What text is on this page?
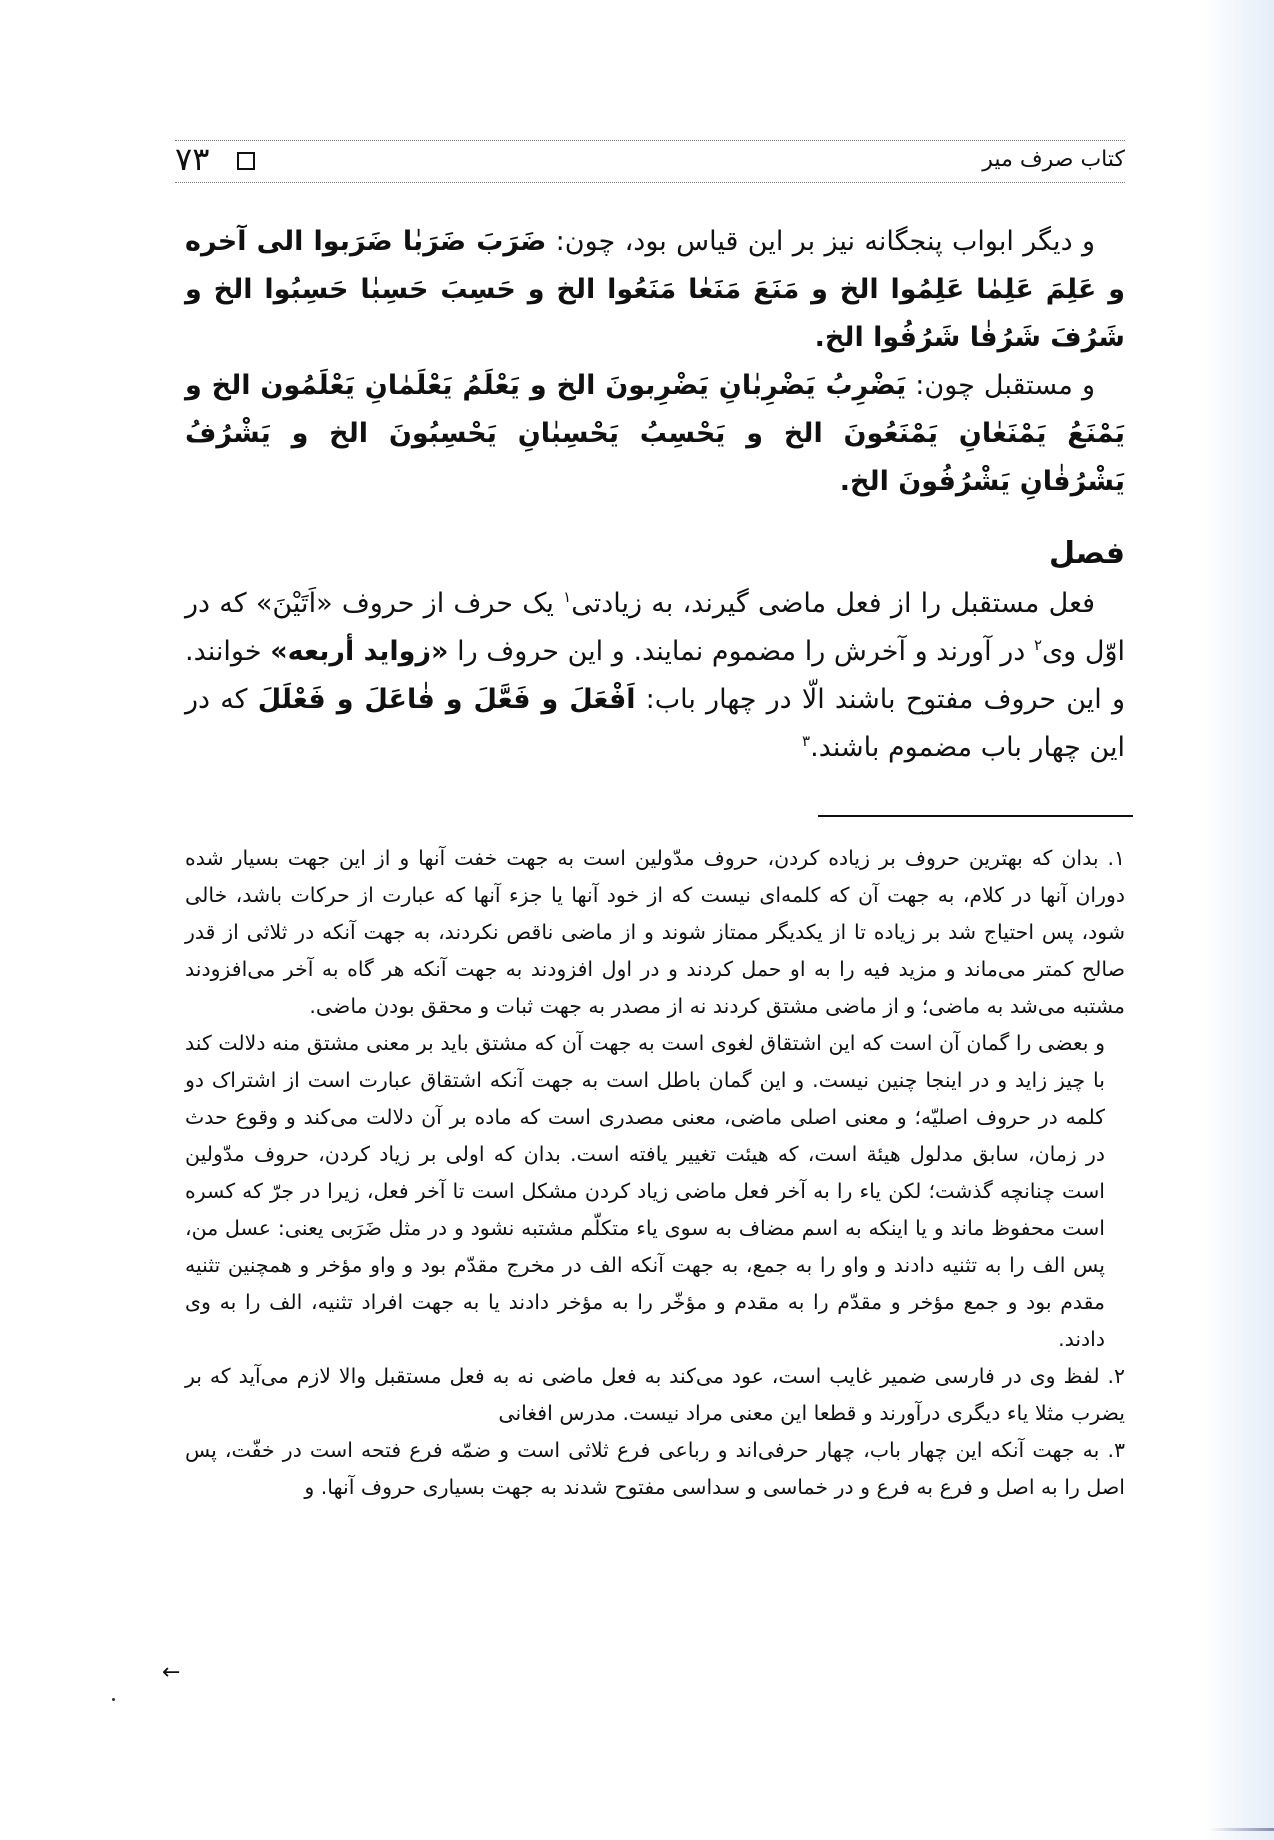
کتاب صرف میر
۷۳

و دیگر ابواب پنجگانه نیز بر این قیاس بود، چون: ضَرَبَ ضَرَبٰا ضَرَبوا الی آخره و عَلِمَ عَلِمٰا عَلِمُوا الخ و مَنَعَ مَنَعٰا مَنَعُوا الخ و حَسِبَ حَسِبٰا حَسِبُوا الخ و شَرُفَ شَرُفٰا شَرُفُوا الخ.

و مستقبل چون: یَضْرِبُ یَضْرِبٰانِ یَضْرِبونَ الخ و یَعْلَمُ یَعْلَمٰانِ یَعْلَمُون الخ و یَمْنَعُ یَمْنَعٰانِ یَمْنَعُونَ الخ و یَحْسِبُ یَحْسِبٰانِ یَحْسِبُونَ الخ و یَشْرُفُ یَشْرُفٰانِ یَشْرُفُونَ الخ.

فصل

فعل مستقبل را از فعل ماضی گیرند، به زیادتی$^۱$ یک حرف از حروف «اَتَیْنَ» که در اوّل وی$^۲$ در آورند و آخرش را مضموم نمایند. و این حروف را «زواید أربعه» خوانند. و این حروف مفتوح باشند الّا در چهار باب: اَفْعَلَ و فَعَّلَ و فٰاعَلَ و فَعْلَلَ که در این چهار باب مضموم باشند.$^۳$

۱. بدان که بهترین حروف بر زیاده کردن، حروف مدّولین است به جهت خفت آنها و از این جهت بسیار شده دوران آنها در کلام، به جهت آن که کلمه‌ای نیست که از خود آنها یا جزء آنها که عبارت از حرکات باشد، خالی شود، پس احتیاج شد بر زیاده تا از یکدیگر ممتاز شوند و از ماضی ناقص نکردند، به جهت آنکه در ثلاثی از قدر صالح کمتر می‌ماند و مزید فیه را به او حمل کردند و در اول افزودند به جهت آنکه هر گاه به آخر می‌افزودند مشتبه می‌شد به ماضی؛ و از ماضی مشتق کردند نه از مصدر به جهت ثبات و محقق بودن ماضی.

و بعضی را گمان آن است که این اشتقاق لغوی است به جهت آن که مشتق باید بر معنی مشتق منه دلالت کند با چیز زاید و در اینجا چنین نیست. و این گمان باطل است به جهت آنکه اشتقاق عبارت است از اشتراک دو کلمه در حروف اصلیّه؛ و معنی اصلی ماضی، معنی مصدری است که ماده بر آن دلالت می‌کند و وقوع حدث در زمان، سابق مدلول هیئة است، که هیئت تغییر یافته است. بدان که اولی بر زیاد کردن، حروف مدّولین است چنانچه گذشت؛ لکن یاء را به آخر فعل ماضی زیاد کردن مشکل است تا آخر فعل، زیرا در جرّ که کسره است محفوظ ماند و یا اینکه به اسم مضاف به سوی یاء متکلّم مشتبه نشود و در مثل ضَرَبی یعنی: عسل من، پس الف را به تثنیه دادند و واو را به جمع، به جهت آنکه الف در مخرج مقدّم بود و واو مؤخر و همچنین تثنیه مقدم بود و جمع مؤخر و مقدّم را به مقدم و مؤخّر را به مؤخر دادند یا به جهت افراد تثنیه، الف را به وی دادند.

۲. لفظ وی در فارسی ضمیر غایب است، عود می‌کند به فعل ماضی نه به فعل مستقبل والا لازم می‌آید که بر یضرب مثلا یاء دیگری درآورند و قطعا این معنی مراد نیست. مدرس افغانی

۳. به جهت آنکه این چهار باب، چهار حرفی‌اند و رباعی فرع ثلاثی است و ضمّه فرع فتحه است در خفّت، پس اصل را به اصل و فرع به فرع و در خماسی و سداسی مفتوح شدند به جهت بسیاری حروف آنها. و

←
